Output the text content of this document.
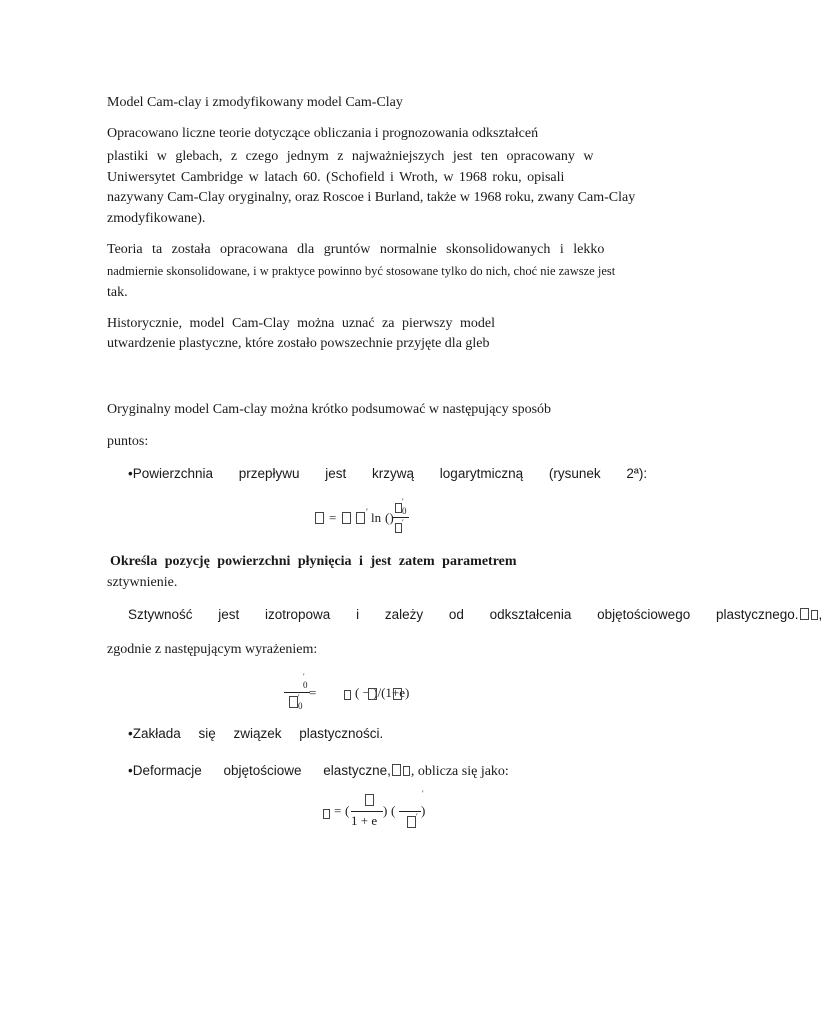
Model Cam-clay i zmodyfikowany model Cam-Clay
Opracowano liczne teorie dotyczące obliczania i prognozowania odkształceń
plastiki w glebach, z czego jednym z najważniejszych jest ten opracowany w
Uniwersytet Cambridge w latach 60. (Schofield i Wroth, w 1968 roku, opisali
nazywany Cam-Clay oryginalny, oraz Roscoe i Burland, także w 1968 roku, zwany Cam-Clay
zmodyfikowane).
Teoria ta została opracowana dla gruntów normalnie skonsolidowanych i lekko
nadmiernie skonsolidowane, i w praktyce powinno być stosowane tylko do nich, choć nie zawsze jest
tak.
Historycznie, model Cam-Clay można uznać za pierwszy model
utwardzenie plastyczne, które zostało powszechnie przyjęte dla gleb
Oryginalny model Cam-clay można krótko podsumować w następujący sposób
puntos:
•Powierzchnia przepływu jest krzywą logarytmiczną (rysunek 2ª):
=	′ ln ()
′
0
′
Określa pozycję powierzchni płynięcia i jest zatem parametrem
sztywnienie.
Sztywność jest izotropowa i zależy od odkształcenia objętościowego plastycznego. ,
zgodnie z następującym wyrażeniem:
′
0
′
0
=	( − )/(1+e)
•Zakłada się związek plastyczności.
•Deformacje objętościowe elastyczne, , oblicza się jako:
= (
1 + e
) (
′
′ )
